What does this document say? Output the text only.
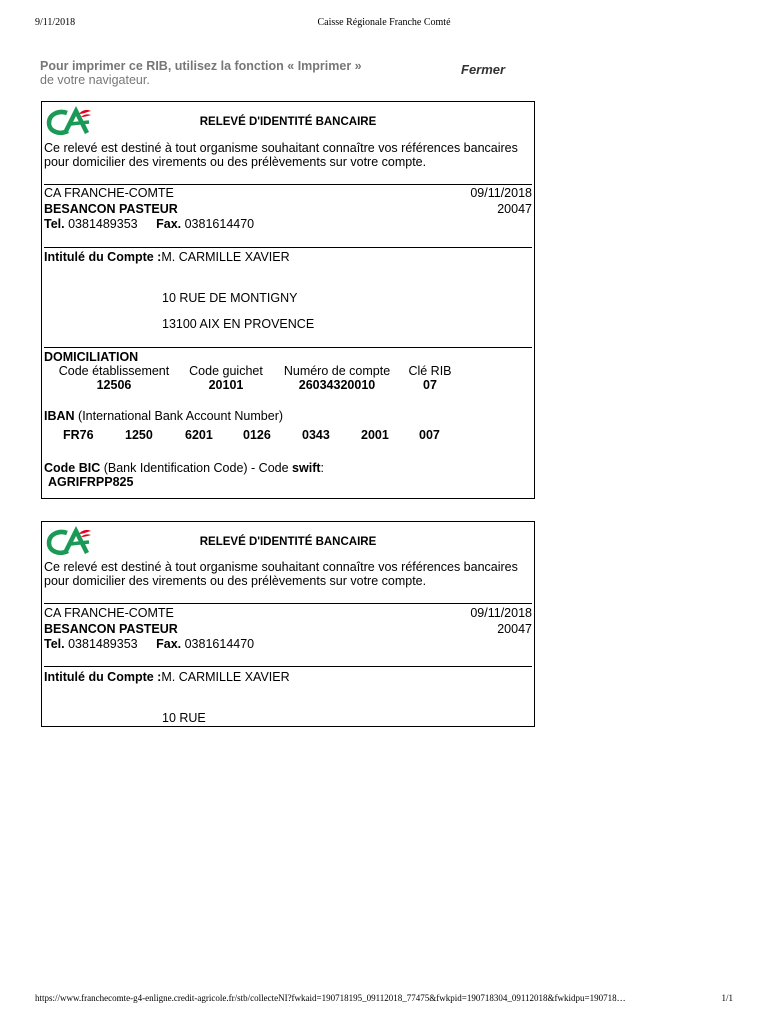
9/11/2018	Caisse Régionale Franche Comté
Pour imprimer ce RIB, utilisez la fonction « Imprimer »
de votre navigateur.
Fermer
RELEVÉ D'IDENTITÉ BANCAIRE
Ce relevé est destiné à tout organisme souhaitant connaître vos références bancaires
pour domicilier des virements ou des prélèvements sur votre compte.
CA FRANCHE-COMTE	09/11/2018
BESANCON PASTEUR	20047
Tel. 0381489353 Fax. 0381614470
Intitulé du Compte :M. CARMILLE XAVIER
10 RUE DE MONTIGNY
13100 AIX EN PROVENCE
DOMICILIATION
Code établissement	Code guichet	Numéro de compte	Clé RIB
12506	20101	26034320010	07
IBAN (International Bank Account Number)
FR76	1250	6201 0126 0343 2001 007
Code BIC (Bank Identification Code) - Code swift:
AGRIFRPP825
RELEVÉ D'IDENTITÉ BANCAIRE
Ce relevé est destiné à tout organisme souhaitant connaître vos références bancaires
pour domicilier des virements ou des prélèvements sur votre compte.
CA FRANCHE-COMTE	09/11/2018
BESANCON PASTEUR	20047
Tel. 0381489353 Fax. 0381614470
Intitulé du Compte :M. CARMILLE XAVIER
10 RUE
https://www.franchecomte-g4-enligne.credit-agricole.fr/stb/collecteNI?fwkaid=190718195_09112018_77475&fwkpid=190718304_09112018&fwkidpu=190718…	1/1
